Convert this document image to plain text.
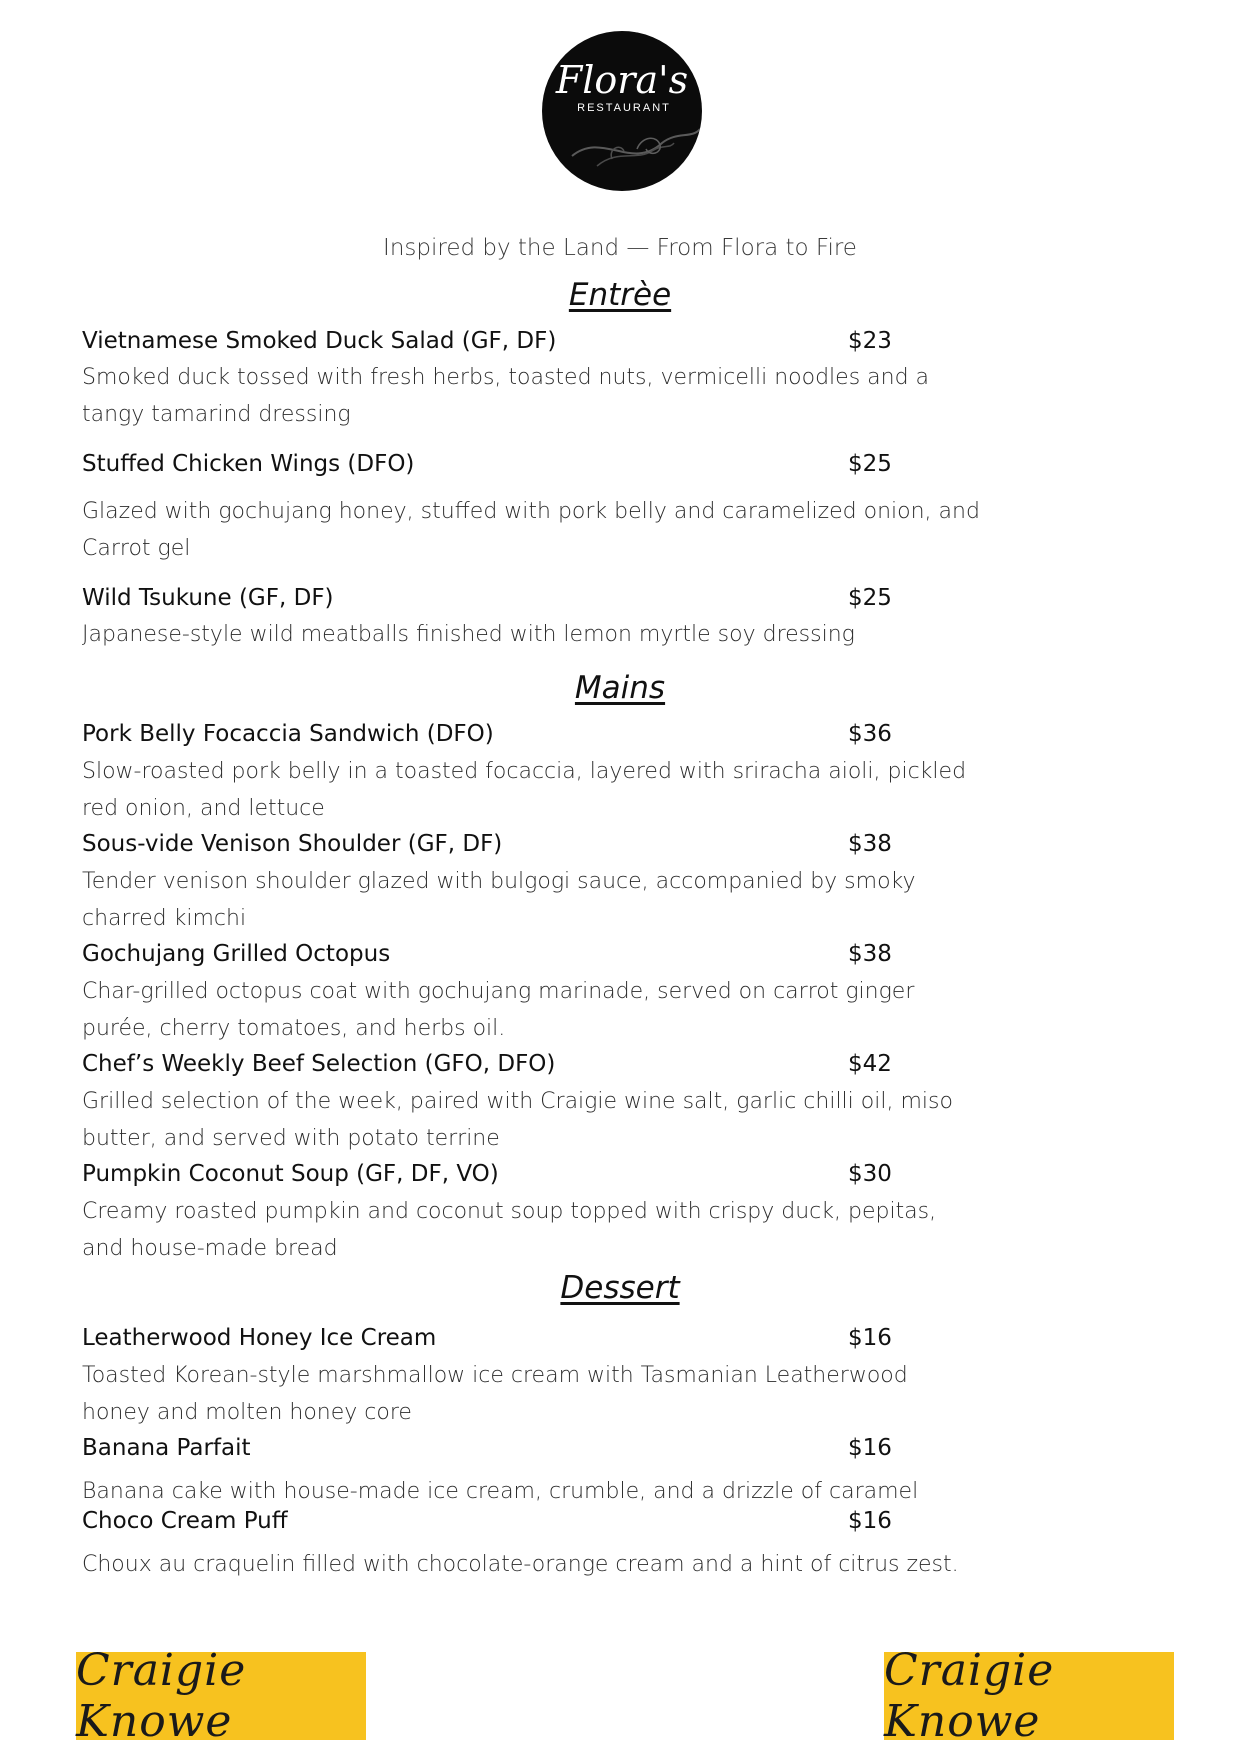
Flora's
RESTAURANT
Inspired by the Land — From Flora to Fire
Entrèe
Vietnamese Smoked Duck Salad (GF, DF)	$23
Smoked duck tossed with fresh herbs, toasted nuts, vermicelli noodles and a tangy tamarind dressing
Stuffed Chicken Wings (DFO)	$25
Glazed with gochujang honey, stuffed with pork belly and caramelized onion, and Carrot gel
Wild Tsukune (GF, DF)	$25
Japanese-style wild meatballs finished with lemon myrtle soy dressing
Mains
Pork Belly Focaccia Sandwich (DFO)	$36
Slow-roasted pork belly in a toasted focaccia, layered with sriracha aioli, pickled red onion, and lettuce
Sous-vide Venison Shoulder (GF, DF)	$38
Tender venison shoulder glazed with bulgogi sauce, accompanied by smoky charred kimchi
Gochujang Grilled Octopus	$38
Char-grilled octopus coat with gochujang marinade, served on carrot ginger purée, cherry tomatoes, and herbs oil.
Chef’s Weekly Beef Selection (GFO, DFO)	$42
Grilled selection of the week, paired with Craigie wine salt, garlic chilli oil, miso butter, and served with potato terrine
Pumpkin Coconut Soup (GF, DF, VO)	$30
Creamy roasted pumpkin and coconut soup topped with crispy duck, pepitas, and house-made bread
Dessert
Leatherwood Honey Ice Cream	$16
Toasted Korean-style marshmallow ice cream with Tasmanian Leatherwood honey and molten honey core
Banana Parfait	$16
Banana cake with house-made ice cream, crumble, and a drizzle of caramel
Choco Cream Puff	$16
Choux au craquelin filled with chocolate-orange cream and a hint of citrus zest.
Craigie Knowe
Craigie Knowe
